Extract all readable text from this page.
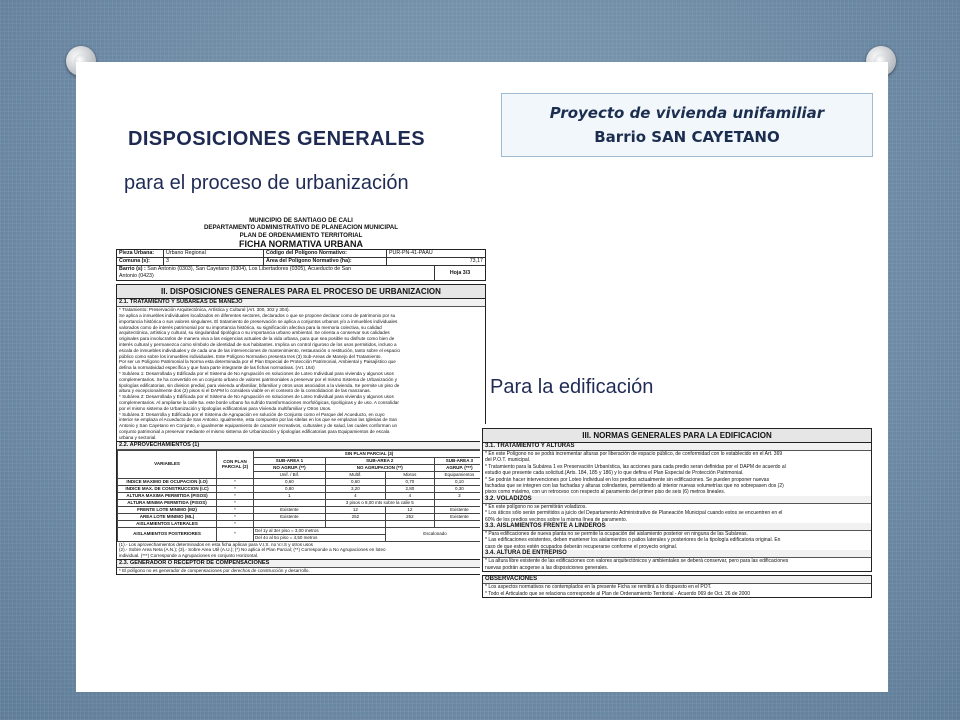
DISPOSICIONES GENERALES
para el proceso de urbanización
Proyecto de vivienda unifamiliar
Barrio SAN CAYETANO
Para la edificación
MUNICIPIO DE SANTIAGO DE CALI
DEPARTAMENTO ADMINISTRATIVO DE PLANEACION MUNICIPAL
PLAN DE ORDENAMIENTO TERRITORIAL
FICHA NORMATIVA URBANA
Pieza Urbana:	Urbano Regional	Código del Polígono Normativo:	PUR-PN-41-PAAU
Comuna (s):	3	Area del Polígono Normativo (ha):	73,17
Barrio (s) : San Antonio (0303), San Cayetano (0304), Los Libertadores (0305), Acueducto de San
Antonio (0423)	Hoja 3/3
II. DISPOSICIONES GENERALES PARA EL PROCESO DE URBANIZACION
2.1. TRATAMIENTO Y SUBAREAS DE MANEJO
* Tratamiento: Preservación Arquitectónica, Artística y Cultural (Art. 300, 302 y 304).
Se aplica a inmuebles individuales localizados en diferentes sectores, declarados o que se propone declarar como de patrimonio por su
importancia histórica o sus valores singulares. El tratamiento de preservación se aplica a conjuntos urbanos y/o a inmuebles individuales
valorados como de interés patrimonial por su importancia histórica, su significación afectiva para la memoria colectiva, su calidad
arquitectónica, artística y cultural, su singularidad tipológica o su importancia urbano ambiental. Se orienta a conservar sus calidades
originales para involucrarlos de manera viva a las exigencias actuales de la vida urbana, para que sea posible su disfrute como bien de
interés cultural y permanezca como símbolo de identidad de sus habitantes. Implica un control riguroso de los usos permitidos, incluso a
escala de inmuebles individuales y de cada una de las intervenciones de mantenimiento, restauración o restitución, tanto sobre el espacio
público como sobre los inmuebles individuales. Este Polígono Normativo presenta tres (3) Sub-Areas de Manejo del Tratamiento.
Por ser un Polígono Patrimonial la Norma esta determinada por el Plan Especial de Protección Patrimonial, Ambiental y Paisajístico que
defina la normatividad específica y que hara parte integrante de las fichas normativas. (Art. 164)
* Subárea 1: Desarrollada y Edificada por el Sistema de No Agrupación en soluciones de Loteo Individual para vivienda y algunos usos
complementarios. Se ha convertido en un conjunto urbano de valores patrimoniales a preservar por el mismo Sistema de Urbanización y
tipologías edificatorias, sin division predial, para vivienda unifamiliar, bifamiliar y otros usos asociados a la vivienda. Se permite un piso de
altura y excepcionalmente dos (2) pisos si el DAPM lo considera viable en el contexto de la consolidacion de las manzanas.
* Subárea 2: Desarrollada y Edificada por el Sistema de No Agrupación en soluciones de Loteo Individual para vivienda y algunos usos
complementarios. Al ampliarse la calle 5a. este borde urbano ha sufrido transformaciones morfológicas, tipológicas y de uso. A consolidar
por el mismo sistema de Urbanización y tipologías edificatorias para Vivienda multifamiliar y Otros Usos.
* Subárea 3: Desarrolla y Edificada por el Sistema de Agrupación en solución de Conjunto como el Parque del Acueducto, en cuyo
interior se emplaza el Acueducto de San Antonio. Igualmente, esta compuesto por las sitelas en los que se emplazan las Iglesias de San
Antonio y San Cayetano en Conjunto, e igualmente equipamiento de caracter recreativos, culturales y de salud, las cuales conforman un
conjunto patrimonial a preservar mediante el mismo sistema de Urbanización y tipologías edificatorias para Equipamientos de escala
urbana y sectorial.
2.2. APROVECHAMIENTOS (1)
VARIABLES	CON PLAN PARCIAL (2)	SIN PLAN PARCIAL (3)			
		SUB-AREA 1	SUB-AREA 2		SUB-AREA 3
		NO AGRUP. (**)	NO AGRUPACION (**)		AGRUP. (***)
		Unif. / Bif.	Multif.	Mixtos	Equipamientos
INDICE MAXIMO DE OCUPACION (I.O)	*	0,60	0,60	0,70	0,10
INDICE MAX. DE CONSTRUCCION (I.C)	*	0,80	3,20	2,80	0,30
ALTURA MAXIMA PERMITIDA (PISOS)	*	1	4	4	3
ALTURA MINIMA PERMITIDA (PISOS)	*		3 pisos o 8,00 mts sobre la calle 5		
FRENTE LOTE MINIMO (M2)	*	Existente	12	12	Existente
AREA LOTE MINIMO (ML)	*	Existente	252	252	Existente
AISLAMIENTOS LATERALES	*				
AISLAMIENTOS POSTERIORES	*	Del 1y al 3er piso = 3,00 metros		Escalonado	
		Del 4o al 5o piso = 4,50 metros			
(1).- Los aprovechamientos determinados en esta ficha aplican para V.I.S. no V.I.S y otros usos
(2).- Sobre Area Neta (A.N.); (3).- Sobre Area Util (A.U.); (*) No aplica el Plan Parcial; (**) Corresponde a No Agrupaciones en loteo
individual. (***) Corresponde a Agrupaciones en conjunto Horizontal.
2.3. GENERADOR O RECEPTOR DE COMPENSACIONES
* El polígono no es generador de compensaciones por derechos de construcción y desarrollo.
III. NORMAS GENERALES PARA LA EDIFICACION
3.1. TRATAMIENTO Y ALTURAS
* En este Polígono no se podrá incrementar alturas por liberación de espacio público, de conformidad con lo establecido en el Art. 369
del P.O.T. municipal.
* Tratamiento para la Subárea 1 es Preservación Urbanística, las acciones para cada predio seran definidas por el DAPM de acuerdo al
estudio que presente cada solicitud.(Arts. 184, 185 y 186) y lo que defina el Plan Especial de Protección Patrimonial.
* Se podrán hacer intervenciones por Loteo Individual en los predios actualmente sin edificaciones. Se pueden proponer nuevas
fachadas que se integren con las fachadas y alturas colindantes, permitiendo al interior nuevas volumetrías que no sobrepasen dos (2)
pisos como máximo, con un retroceso con respecto al paramento del primer piso de seis (6) metros lineales.
3.2. VOLADIZOS
* En este polígono no se permitirán voladizos.
* Los áticos sólo serán permitidos a juicio del Departamento Administrativo de Planeación Municipal cuando estos se encuentren en el
60% de los predios vecinos sobre la misma línea de paramento.
3.3. AISLAMIENTOS FRENTE A LINDEROS
* Para edificaciones de nueva planta no se permite la ocupación del aislamiento posterior en ninguna de las Subáreas.
* Las edificaciones existentes, deben mantener los aislamientos o patios laterales y posteriores de la tipología edificatoria original. En
caso de que estos estén ocupados deberán recuperarse conforme el proyecto original.
3.4. ALTURA DE ENTREPISO
* La altura libre existente de las edificaciones con valores arquitectónicos y ambientales se deberá conservar, pero para las edificaciones
nuevas podrán acogerse a las disposiciones generales.
OBSERVACIONES
* Los aspectos normativos no contemplados en la presente Ficha se remitirá a lo dispuesto en el POT.
* Todo el Articulado que se relaciona corresponde al Plan de Ordenamiento Territorial - Acuerdo 069 de Oct. 26 de 2000
